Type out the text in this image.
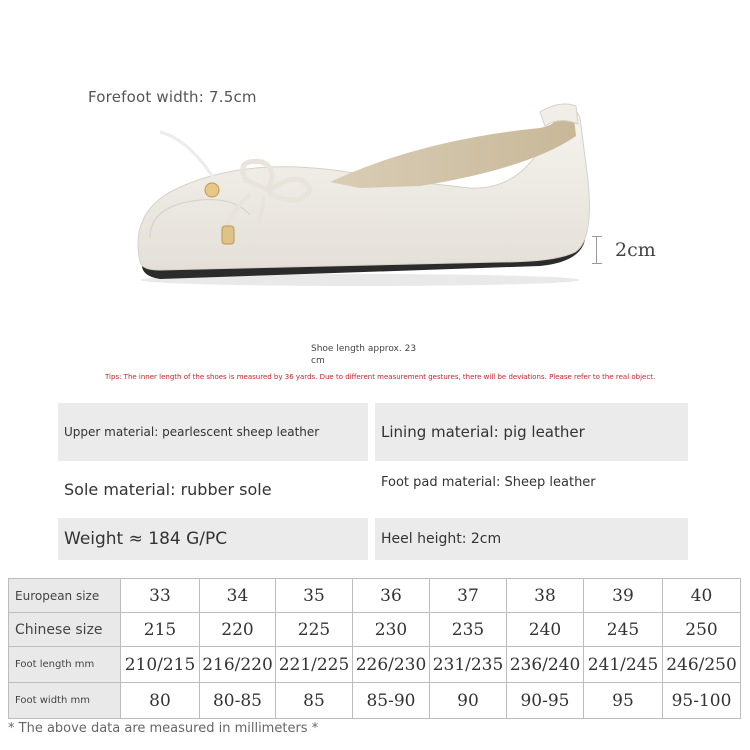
Forefoot width: 7.5cm
2cm
Shoe length approx. 23 cm
Tips: The inner length of the shoes is measured by 36 yards. Due to different measurement gestures, there will be deviations. Please refer to the real object.
Upper material: pearlescent sheep leather	Lining material: pig leather
Sole material: rubber sole	Foot pad material: Sheep leather
Weight ≈ 184 G/PC	Heel height: 2cm
European size	33	34	35	36	37	38	39	40
Chinese size	215	220	225	230	235	240	245	250
Foot length mm	210/215	216/220	221/225	226/230	231/235	236/240	241/245	246/250
Foot width mm	80	80-85	85	85-90	90	90-95	95	95-100
* The above data are measured in millimeters *
